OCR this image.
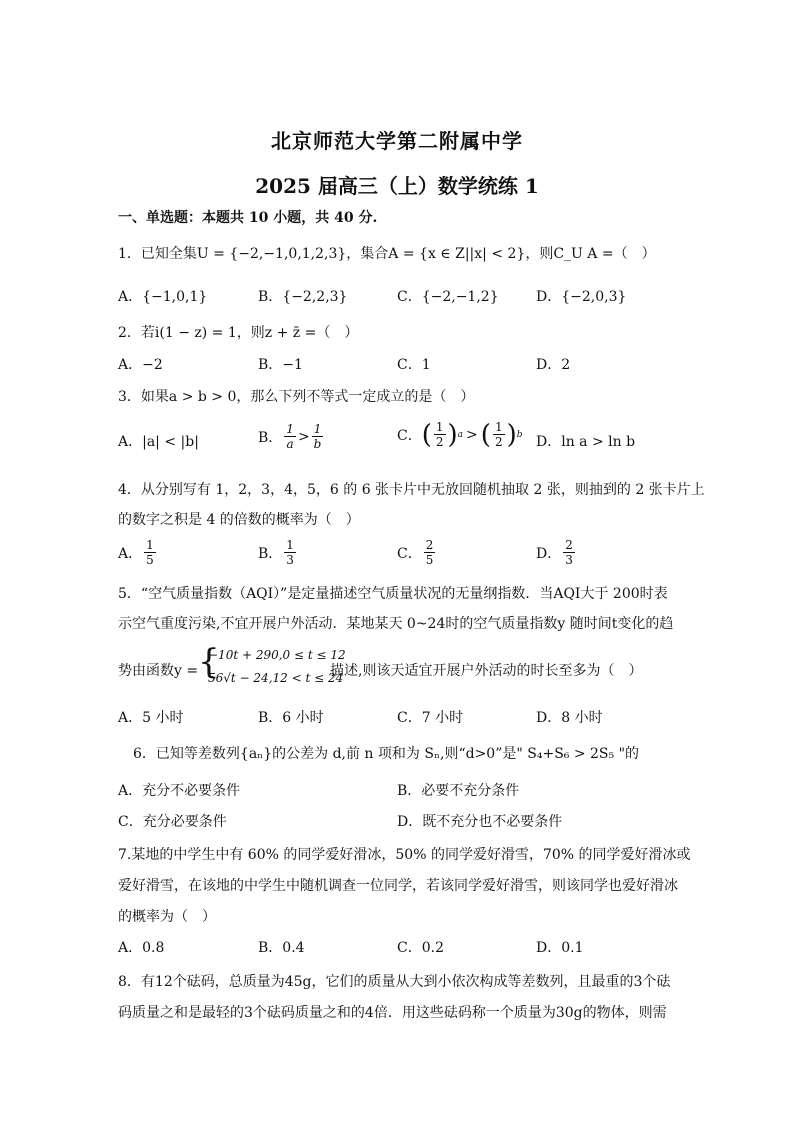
北京师范大学第二附属中学
2025 届高三（上）数学统练 1
一、单选题：本题共 10 小题，共 40 分.
1．已知全集U = {−2,−1,0,1,2,3}，集合A = {x ∈ Z||x| < 2}，则C_U A =（　）
A．{−1,0,1}	B．{−2,2,3}	C．{−2,−1,2}	D．{−2,0,3}
2．若i(1 − z) = 1，则z + z̄ =（　）
A．−2	B．−1	C．1	D．2
3．如果a > b > 0，那么下列不等式一定成立的是（　）
A．|a| < |b|	B． $\frac{1}{a} > \frac{1}{b}$	C． ( $\frac{1}{2}$ ) a > ( $\frac{1}{2}$ ) b D．ln a > ln b
4．从分别写有 1，2，3，4，5，6 的 6 张卡片中无放回随机抽取 2 张，则抽到的 2 张卡片上
的数字之积是 4 的倍数的概率为（　）
A． $\frac{1}{5}$	B． $\frac{1}{3}$	C． $\frac{2}{5}$	D． $\frac{2}{3}$
5．“空气质量指数（AQI）”是定量描述空气质量状况的无量纲指数．当AQI大于 200时表
示空气重度污染,不宜开展户外活动．某地某天 0~24时的空气质量指数y 随时间t变化的趋
势由函数y = {
−10t + 290,0 ≤ t ≤ 12
56√t − 24,12 < t ≤ 24
描述,则该天适宜开展户外活动的时长至多为（　）
A．5 小时	B．6 小时	C．7 小时	D．8 小时
6．已知等差数列{aₙ}的公差为 d,前 n 项和为 Sₙ,则“d>0”是" S₄+S₆ > 2S₅ "的
A．充分不必要条件	B．必要不充分条件
C．充分必要条件	D．既不充分也不必要条件
7.某地的中学生中有 60% 的同学爱好滑冰，50% 的同学爱好滑雪，70% 的同学爱好滑冰或
爱好滑雪，在该地的中学生中随机调查一位同学，若该同学爱好滑雪，则该同学也爱好滑冰
的概率为（　）
A．0.8	B．0.4	C．0.2	D．0.1
8．有12个砝码，总质量为45g，它们的质量从大到小依次构成等差数列，且最重的3个砝
码质量之和是最轻的3个砝码质量之和的4倍．用这些砝码称一个质量为30g的物体，则需
